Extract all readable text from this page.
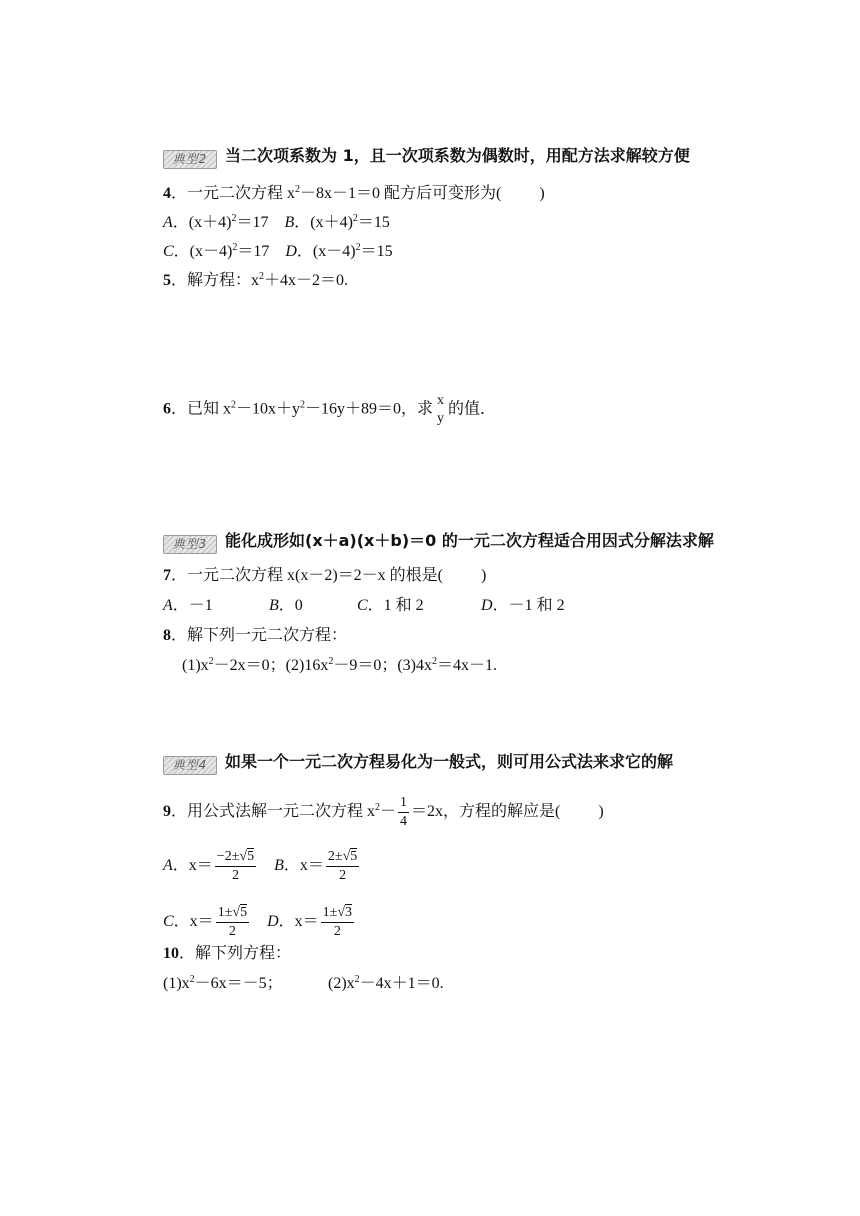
典型2 当二次项系数为 1，且一次项系数为偶数时，用配方法求解较方便
4．一元二次方程 $x^2-8x-1=0$ 配方后可变形为( )
A．$(x+4)^2=17$ B．$(x+4)^2=15$
C．$(x-4)^2=17$ D．$(x-4)^2=15$
5．解方程：$x^2+4x-2=0$.
6．已知 $x^2-10x+y^2-16y+89=0$，求
x
y
的值．
典型3 能化成形如(x＋a)(x＋b)＝0 的一元二次方程适合用因式分解法求解
7．一元二次方程 x(x－2)＝2－x 的根是( )
A．－1	B．0	C．1 和 2	D．－1 和 2
8．解下列一元二次方程：
$(1)x^2-2x=0$；$(2)16x^2-9=0$；$(3)4x^2=4x-1$.
典型4 如果一个一元二次方程易化为一般式，则可用公式法来求它的解
9．用公式法解一元二次方程 $x^2- \frac{1}{4} =2x$，方程的解应是( )
A．$x= \frac{-2\pm√5}{2}$ B．$x= \frac{2\pm√5}{2}$
C．$x= \frac{1\pm√5}{2}$ D．$x= \frac{1\pm√3}{2}$
10．解下列方程：
$(1)x^2-6x=-5$；	$(2)x^2-4x+1=0$.
